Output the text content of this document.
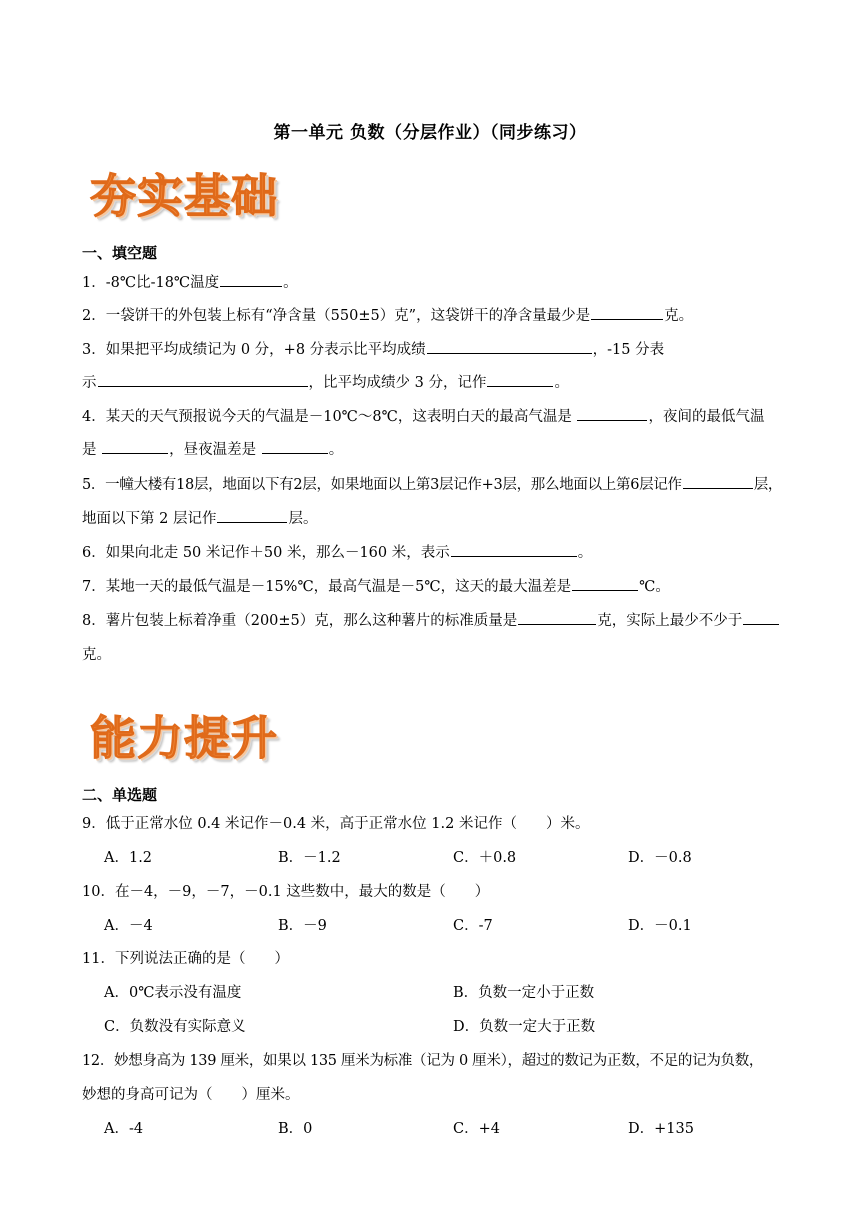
第一单元 负数（分层作业）（同步练习）
夯实基础
一、填空题
1．-8℃比-18℃温度	。
2．一袋饼干的外包装上标有“净含量（550±5）克”，这袋饼干的净含量最少是	克。
3．如果把平均成绩记为 0 分，+8 分表示比平均成绩	，-15 分表
示	，比平均成绩少 3 分，记作	。
4．某天的天气预报说今天的气温是－10℃～8℃，这表明白天的最高气温是	，夜间的最低气温
是	，昼夜温差是	。
5．一幢大楼有18层，地面以下有2层，如果地面以上第3层记作+3层，那么地面以上第6层记作	层，
地面以下第 2 层记作	层。
6．如果向北走 50 米记作＋50 米，那么－160 米，表示	。
7．某地一天的最低气温是－15%℃，最高气温是－5℃，这天的最大温差是	℃。
8．薯片包装上标着净重（200±5）克，那么这种薯片的标准质量是	克，实际上最少不少于
克。
能力提升
二、单选题
9．低于正常水位 0.4 米记作－0.4 米，高于正常水位 1.2 米记作（　　）米。
A．1.2	B．－1.2	C．＋0.8	D．－0.8
10．在－4，－9，－7，－0.1 这些数中，最大的数是（　　）
A．－4	B．－9	C．-7	D．－0.1
11．下列说法正确的是（　　）
A．0℃表示没有温度	B．负数一定小于正数
C．负数没有实际意义	D．负数一定大于正数
12．妙想身高为 139 厘米，如果以 135 厘米为标准（记为 0 厘米），超过的数记为正数，不足的记为负数，
妙想的身高可记为（　　）厘米。
A．-4	B．0	C．+4	D．+135
